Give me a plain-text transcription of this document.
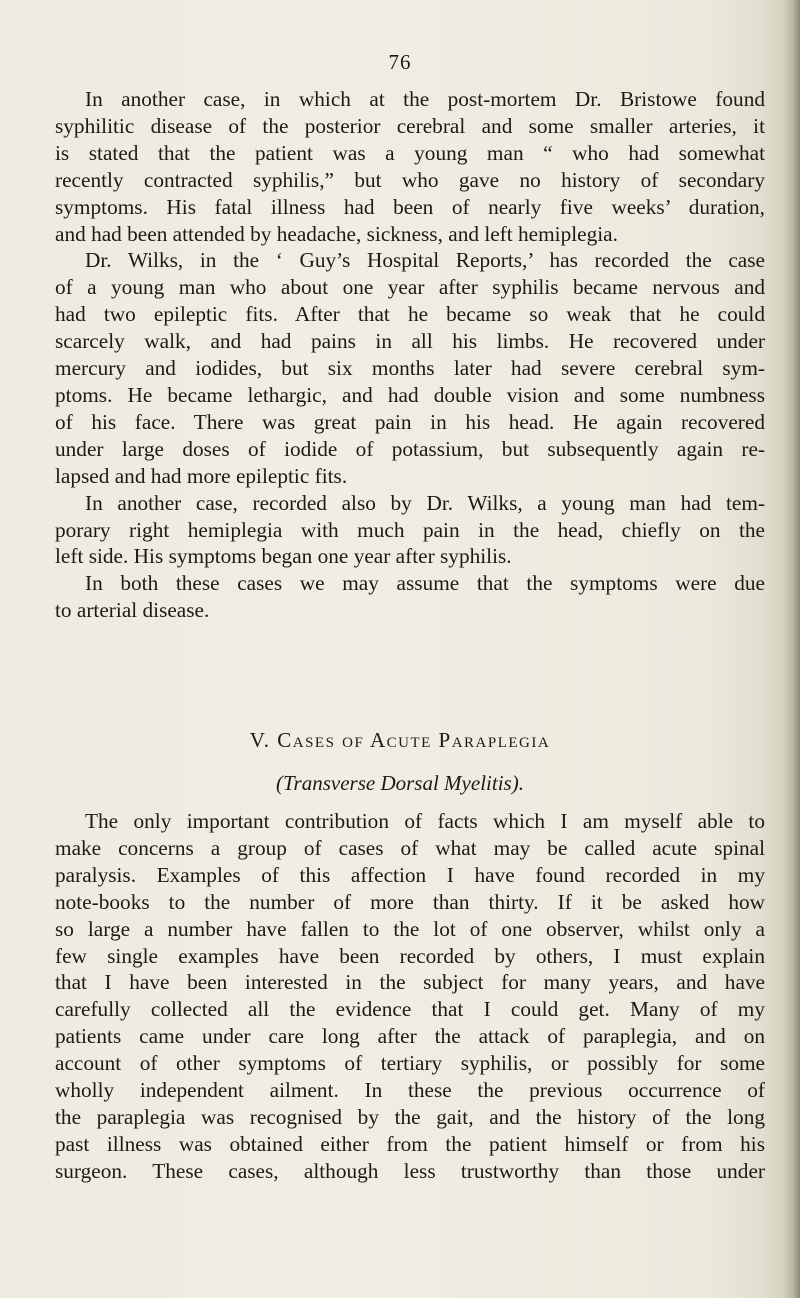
76

In another case, in which at the post-mortem Dr. Bristowe found
syphilitic disease of the posterior cerebral and some smaller arteries, it
is stated that the patient was a young man “ who had somewhat
recently contracted syphilis,” but who gave no history of secondary
symptoms. His fatal illness had been of nearly five weeks’ duration,
and had been attended by headache, sickness, and left hemiplegia.

Dr. Wilks, in the ‘ Guy’s Hospital Reports,’ has recorded the case
of a young man who about one year after syphilis became nervous and
had two epileptic fits. After that he became so weak that he could
scarcely walk, and had pains in all his limbs. He recovered under
mercury and iodides, but six months later had severe cerebral sym-
ptoms. He became lethargic, and had double vision and some numbness
of his face. There was great pain in his head. He again recovered
under large doses of iodide of potassium, but subsequently again re-
lapsed and had more epileptic fits.

In another case, recorded also by Dr. Wilks, a young man had tem-
porary right hemiplegia with much pain in the head, chiefly on the
left side. His symptoms began one year after syphilis.

In both these cases we may assume that the symptoms were due
to arterial disease.

V. Cases of Acute Paraplegia
(Transverse Dorsal Myelitis).

The only important contribution of facts which I am myself able to
make concerns a group of cases of what may be called acute spinal
paralysis. Examples of this affection I have found recorded in my
note-books to the number of more than thirty. If it be asked how
so large a number have fallen to the lot of one observer, whilst only a
few single examples have been recorded by others, I must explain
that I have been interested in the subject for many years, and have
carefully collected all the evidence that I could get. Many of my
patients came under care long after the attack of paraplegia, and on
account of other symptoms of tertiary syphilis, or possibly for some
wholly independent ailment. In these the previous occurrence of
the paraplegia was recognised by the gait, and the history of the long
past illness was obtained either from the patient himself or from his
surgeon. These cases, although less trustworthy than those under
